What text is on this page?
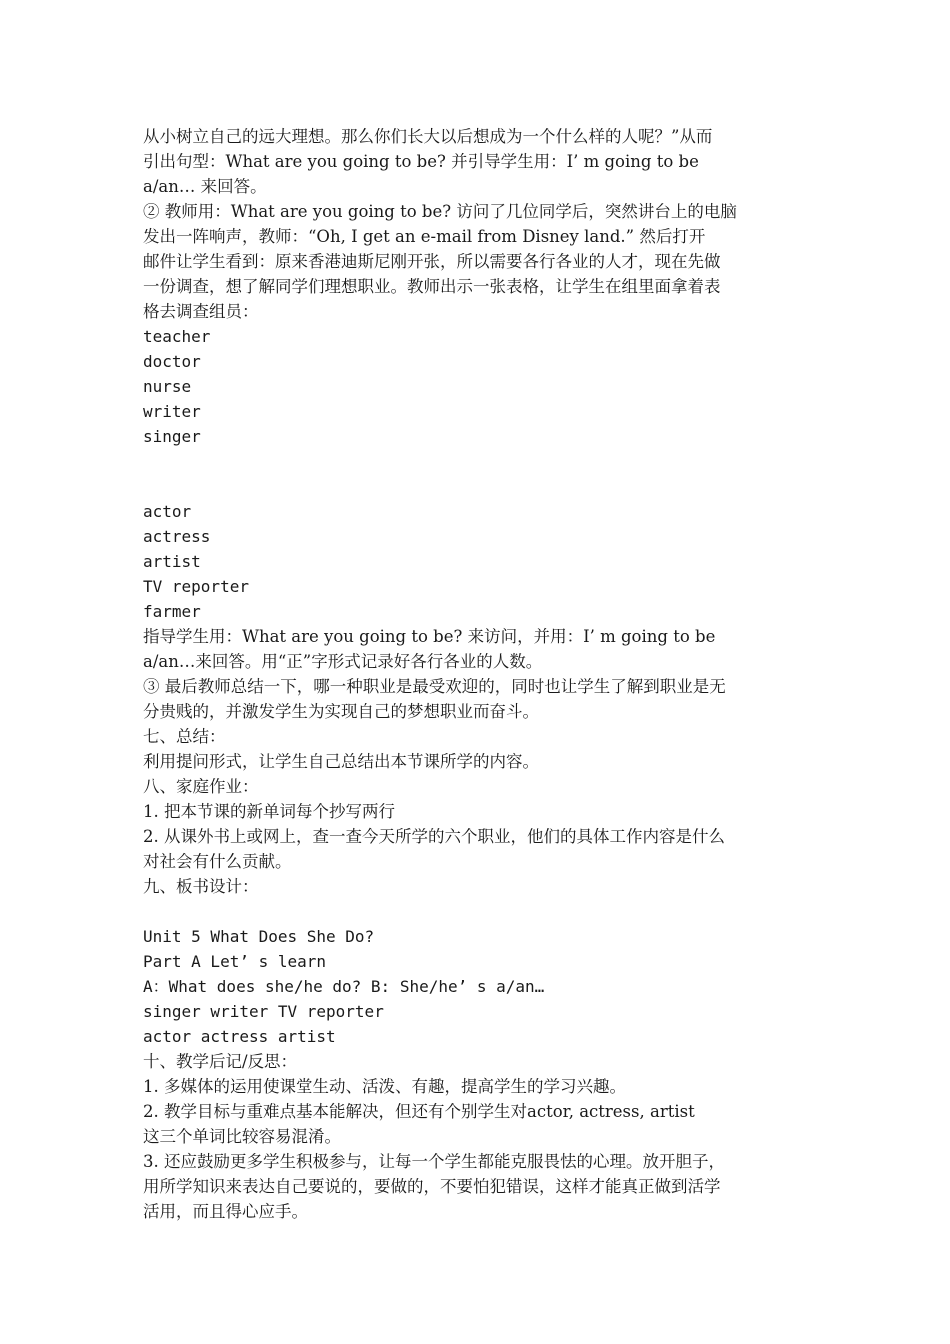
从小树立自己的远大理想。那么你们长大以后想成为一个什么样的人呢？”从而
引出句型：What are you going to be? 并引导学生用：I’ m going to be
a/an… 来回答。
② 教师用：What are you going to be? 访问了几位同学后，突然讲台上的电脑
发出一阵响声，教师：“Oh, I get an e-mail from Disney land.” 然后打开
邮件让学生看到：原来香港迪斯尼刚开张，所以需要各行各业的人才，现在先做
一份调查，想了解同学们理想职业。教师出示一张表格，让学生在组里面拿着表
格去调查组员：
teacher
doctor
nurse
writer
singer
actor
actress
artist
TV reporter
farmer
指导学生用：What are you going to be? 来访问，并用：I’ m going to be
a/an…来回答。用“正”字形式记录好各行各业的人数。
③ 最后教师总结一下，哪一种职业是最受欢迎的，同时也让学生了解到职业是无
分贵贱的，并激发学生为实现自己的梦想职业而奋斗。
七、总结：
利用提问形式，让学生自己总结出本节课所学的内容。
八、家庭作业：
1. 把本节课的新单词每个抄写两行
2. 从课外书上或网上，查一查今天所学的六个职业，他们的具体工作内容是什么
对社会有什么贡献。
九、板书设计：
Unit 5 What Does She Do?
Part A Let’ s learn
A：What does she/he do? B: She/he’ s a/an…
singer writer TV reporter
actor actress artist
十、教学后记/反思：
1. 多媒体的运用使课堂生动、活泼、有趣，提高学生的学习兴趣。
2. 教学目标与重难点基本能解决，但还有个别学生对actor, actress, artist
这三个单词比较容易混淆。
3. 还应鼓励更多学生积极参与，让每一个学生都能克服畏怯的心理。放开胆子，
用所学知识来表达自己要说的，要做的，不要怕犯错误，这样才能真正做到活学
活用，而且得心应手。
